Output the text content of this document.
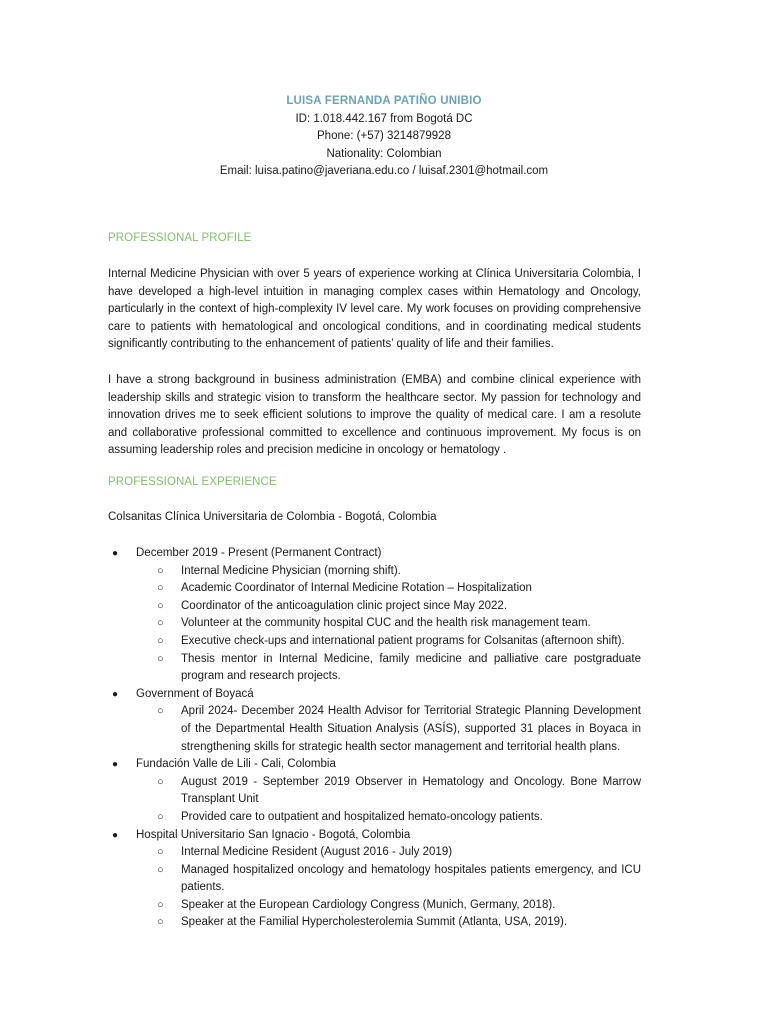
LUISA FERNANDA PATIÑO UNIBIO
ID: 1.018.442.167 from Bogotá DC
Phone: (+57) 3214879928
Nationality: Colombian
Email: luisa.patino@javeriana.edu.co / luisaf.2301@hotmail.com
PROFESSIONAL PROFILE
Internal Medicine Physician with over 5 years of experience working at Clínica Universitaria Colombia, I have developed a high-level intuition in managing complex cases within Hematology and Oncology, particularly in the context of high-complexity IV level care. My work focuses on providing comprehensive care to patients with hematological and oncological conditions, and in coordinating medical students significantly contributing to the enhancement of patients’ quality of life and their families.
I have a strong background in business administration (EMBA) and combine clinical experience with leadership skills and strategic vision to transform the healthcare sector. My passion for technology and innovation drives me to seek efficient solutions to improve the quality of medical care. I am a resolute and collaborative professional committed to excellence and continuous improvement. My focus is on assuming leadership roles and precision medicine in oncology or hematology .
PROFESSIONAL EXPERIENCE
Colsanitas Clínica Universitaria de Colombia - Bogotá, Colombia
● December 2019 - Present (Permanent Contract)
○ Internal Medicine Physician (morning shift).
○ Academic Coordinator of Internal Medicine Rotation – Hospitalization
○ Coordinator of the anticoagulation clinic project since May 2022.
○ Volunteer at the community hospital CUC and the health risk management team.
○ Executive check-ups and international patient programs for Colsanitas (afternoon shift).
○ Thesis mentor in Internal Medicine, family medicine and palliative care postgraduate program and research projects.
● Government of Boyacá
○ April 2024- December 2024 Health Advisor for Territorial Strategic Planning Development of the Departmental Health Situation Analysis (ASÍS), supported 31 places in Boyaca in strengthening skills for strategic health sector management and territorial health plans.
● Fundación Valle de Lili - Cali, Colombia
○ August 2019 - September 2019 Observer in Hematology and Oncology. Bone Marrow Transplant Unit
○ Provided care to outpatient and hospitalized hemato-oncology patients.
● Hospital Universitario San Ignacio - Bogotá, Colombia
○ Internal Medicine Resident (August 2016 - July 2019)
○ Managed hospitalized oncology and hematology hospitales patients emergency, and ICU patients.
○ Speaker at the European Cardiology Congress (Munich, Germany, 2018).
○ Speaker at the Familial Hypercholesterolemia Summit (Atlanta, USA, 2019).
